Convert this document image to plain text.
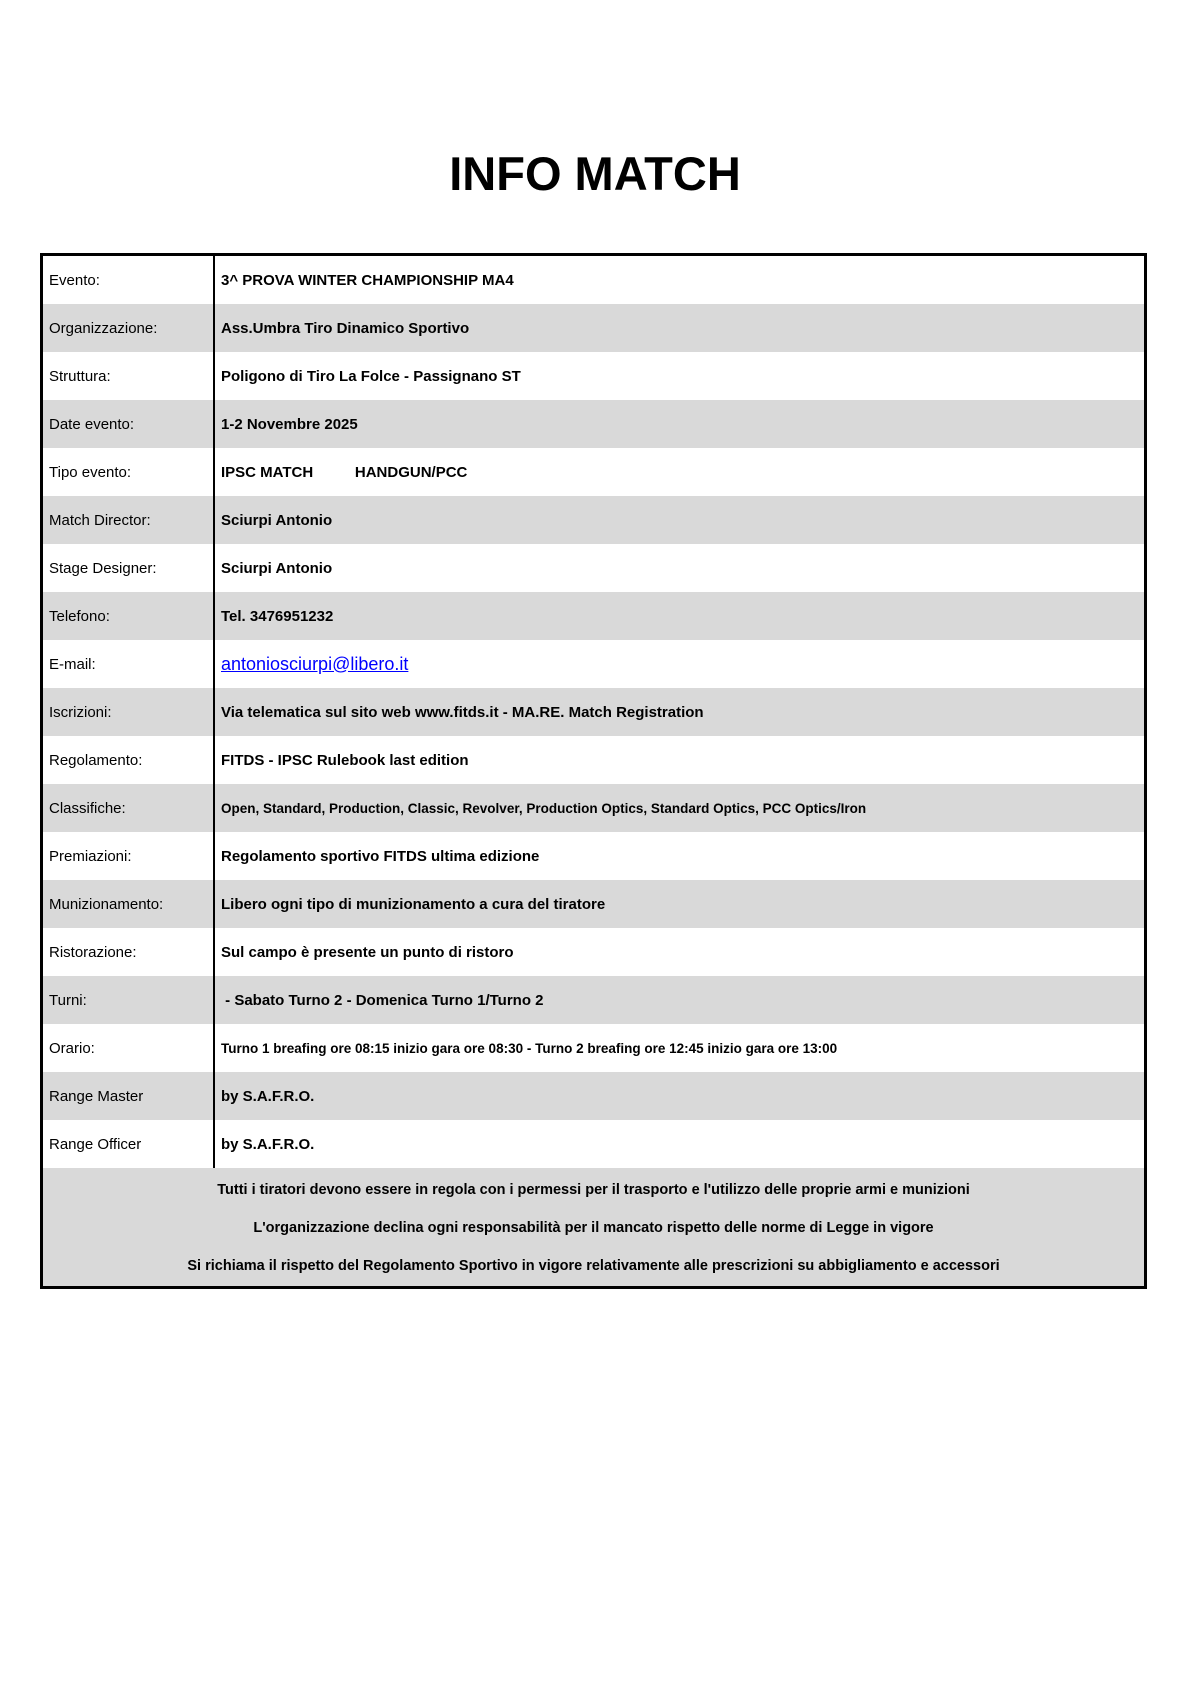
INFO MATCH
Evento:	3^ PROVA WINTER CHAMPIONSHIP MA4
Organizzazione:	Ass.Umbra Tiro Dinamico Sportivo
Struttura:	Poligono di Tiro La Folce - Passignano ST
Date evento:	1-2 Novembre 2025
Tipo evento:	IPSC MATCH          HANDGUN/PCC
Match Director:	Sciurpi Antonio
Stage Designer:	Sciurpi Antonio
Telefono:	Tel. 3476951232
E-mail:	antoniosciurpi@libero.it
Iscrizioni:	Via telematica sul sito web www.fitds.it - MA.RE. Match Registration
Regolamento:	FITDS - IPSC Rulebook last edition
Classifiche:	Open, Standard, Production, Classic, Revolver, Production Optics, Standard Optics, PCC Optics/Iron
Premiazioni:	Regolamento sportivo FITDS ultima edizione
Munizionamento:	Libero ogni tipo di munizionamento a cura del tiratore
Ristorazione:	Sul campo è presente un punto di ristoro
Turni:	- Sabato Turno 2 - Domenica Turno 1/Turno 2
Orario:	Turno 1 breafing ore 08:15 inizio gara ore 08:30 - Turno 2 breafing ore 12:45 inizio gara ore 13:00
Range Master	by S.A.F.R.O.
Range Officer	by S.A.F.R.O.
Tutti i tiratori devono essere in regola con i permessi per il trasporto e l'utilizzo delle proprie armi e munizioni
L'organizzazione declina ogni responsabilità per il mancato rispetto delle norme di Legge in vigore
Si richiama il rispetto del Regolamento Sportivo in vigore relativamente alle prescrizioni su abbigliamento e accessori
